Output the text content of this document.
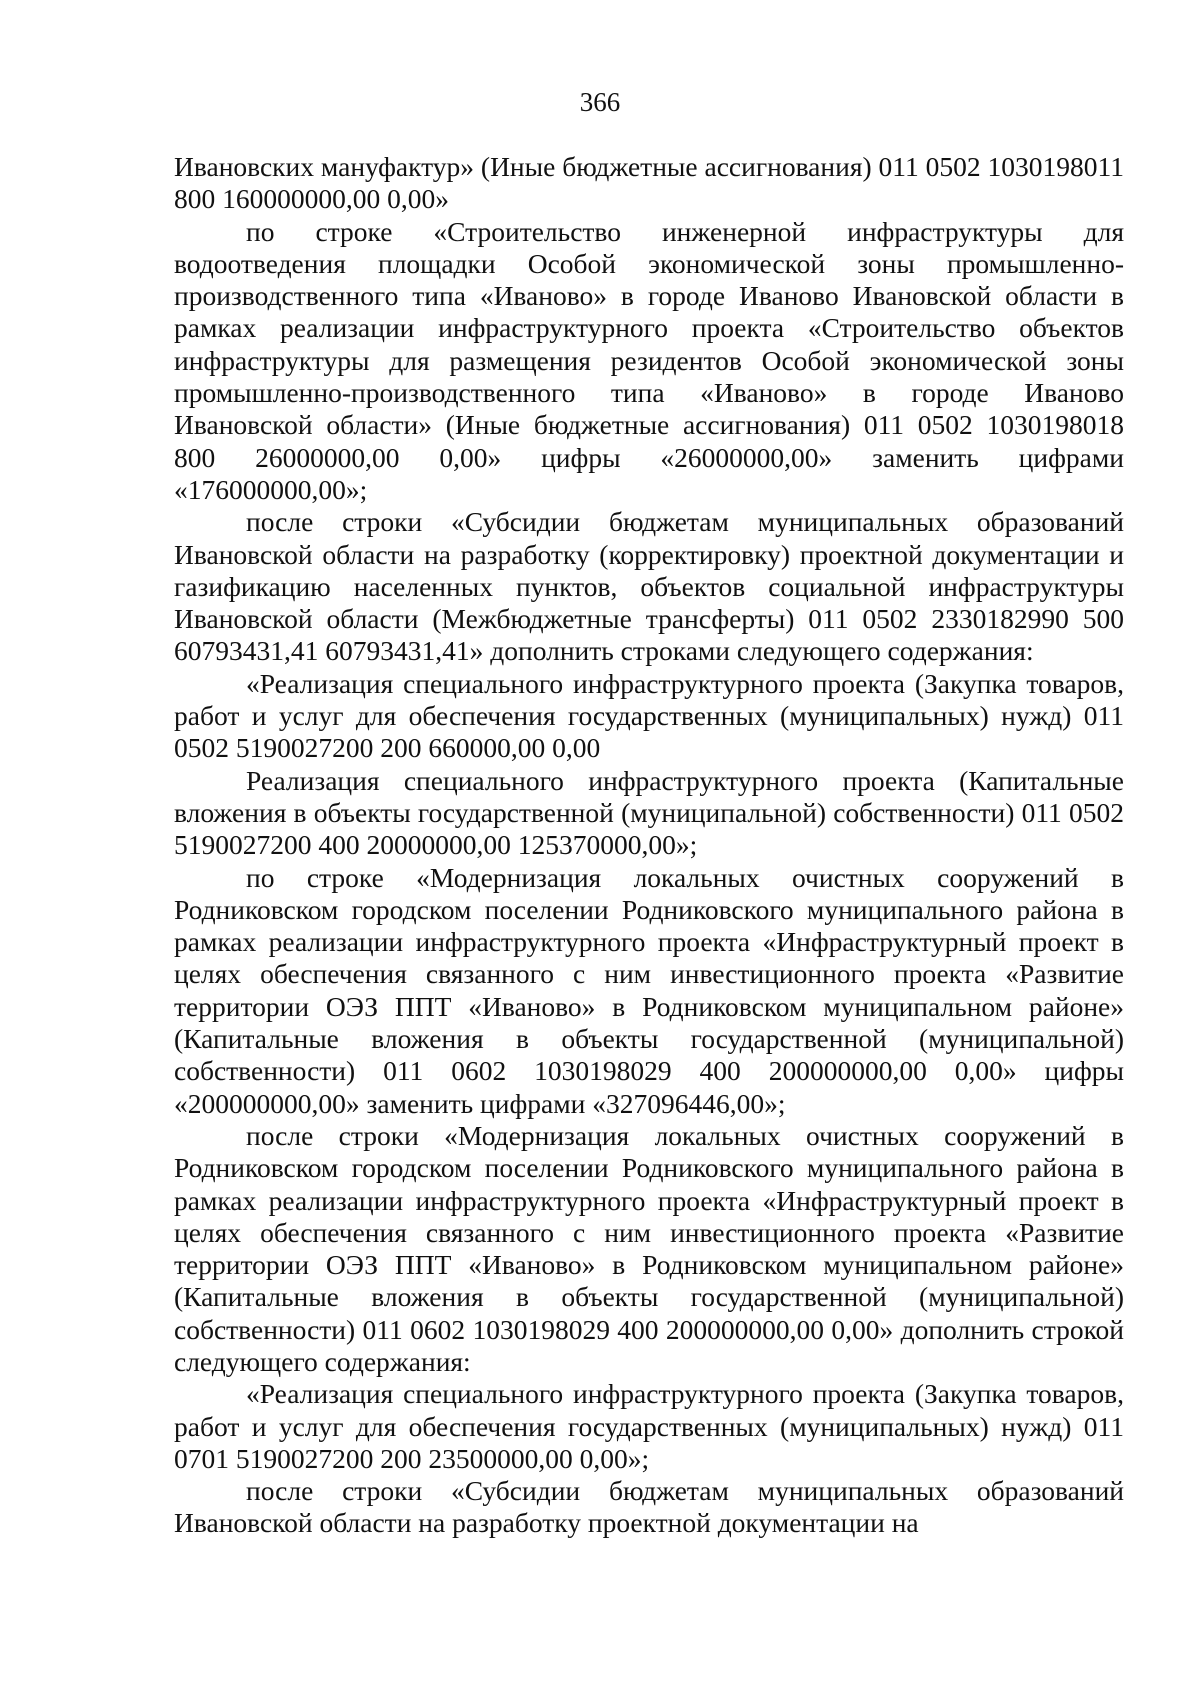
366

Ивановских мануфактур» (Иные бюджетные ассигнования) 011 0502 1030198011 800 160000000,00 0,00»

по строке «Строительство инженерной инфраструктуры для водоотведения площадки Особой экономической зоны промышленно-производственного типа «Иваново» в городе Иваново Ивановской области в рамках реализации инфраструктурного проекта «Строительство объектов инфраструктуры для размещения резидентов Особой экономической зоны промышленно-производственного типа «Иваново» в городе Иваново Ивановской области» (Иные бюджетные ассигнования) 011 0502 1030198018 800 26000000,00 0,00» цифры «26000000,00» заменить цифрами «176000000,00»;

после строки «Субсидии бюджетам муниципальных образований Ивановской области на разработку (корректировку) проектной документации и газификацию населенных пунктов, объектов социальной инфраструктуры Ивановской области (Межбюджетные трансферты) 011 0502 2330182990 500 60793431,41 60793431,41» дополнить строками следующего содержания:

«Реализация специального инфраструктурного проекта (Закупка товаров, работ и услуг для обеспечения государственных (муниципальных) нужд) 011 0502 5190027200 200 660000,00 0,00

Реализация специального инфраструктурного проекта (Капитальные вложения в объекты государственной (муниципальной) собственности) 011 0502 5190027200 400 20000000,00 125370000,00»;

по строке «Модернизация локальных очистных сооружений в Родниковском городском поселении Родниковского муниципального района в рамках реализации инфраструктурного проекта «Инфраструктурный проект в целях обеспечения связанного с ним инвестиционного проекта «Развитие территории ОЭЗ ППТ «Иваново» в Родниковском муниципальном районе» (Капитальные вложения в объекты государственной (муниципальной) собственности) 011 0602 1030198029 400 200000000,00 0,00» цифры «200000000,00» заменить цифрами «327096446,00»;

после строки «Модернизация локальных очистных сооружений в Родниковском городском поселении Родниковского муниципального района в рамках реализации инфраструктурного проекта «Инфраструктурный проект в целях обеспечения связанного с ним инвестиционного проекта «Развитие территории ОЭЗ ППТ «Иваново» в Родниковском муниципальном районе» (Капитальные вложения в объекты государственной (муниципальной) собственности) 011 0602 1030198029 400 200000000,00 0,00» дополнить строкой следующего содержания:

«Реализация специального инфраструктурного проекта (Закупка товаров, работ и услуг для обеспечения государственных (муниципальных) нужд) 011 0701 5190027200 200 23500000,00 0,00»;

после строки «Субсидии бюджетам муниципальных образований Ивановской области на разработку проектной документации на
